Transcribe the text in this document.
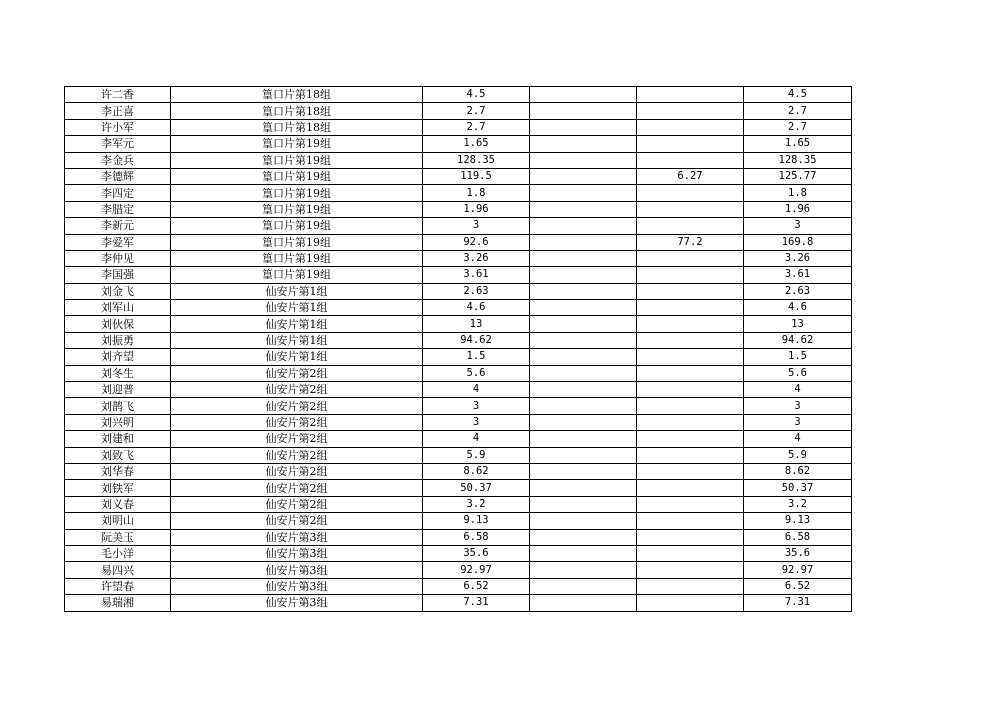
许二香	篁口片第18组	4.5			4.5
李正喜	篁口片第18组	2.7			2.7
许小军	篁口片第18组	2.7			2.7
李军元	篁口片第19组	1.65			1.65
李金兵	篁口片第19组	128.35			128.35
李德辉	篁口片第19组	119.5		6.27	125.77
李四定	篁口片第19组	1.8			1.8
李腊定	篁口片第19组	1.96			1.96
李新元	篁口片第19组	3			3
李爱军	篁口片第19组	92.6		77.2	169.8
李仲见	篁口片第19组	3.26			3.26
李国强	篁口片第19组	3.61			3.61
刘金飞	仙安片第1组	2.63			2.63
刘军山	仙安片第1组	4.6			4.6
刘伙保	仙安片第1组	13			13
刘振勇	仙安片第1组	94.62			94.62
刘齐望	仙安片第1组	1.5			1.5
刘冬生	仙安片第2组	5.6			5.6
刘迎普	仙安片第2组	4			4
刘鹊飞	仙安片第2组	3			3
刘兴明	仙安片第2组	3			3
刘建和	仙安片第2组	4			4
刘致飞	仙安片第2组	5.9			5.9
刘华春	仙安片第2组	8.62			8.62
刘铁军	仙安片第2组	50.37			50.37
刘义春	仙安片第2组	3.2			3.2
刘明山	仙安片第2组	9.13			9.13
阮美玉	仙安片第3组	6.58			6.58
毛小洋	仙安片第3组	35.6			35.6
易四兴	仙安片第3组	92.97			92.97
许望春	仙安片第3组	6.52			6.52
易瑞湘	仙安片第3组	7.31			7.31
